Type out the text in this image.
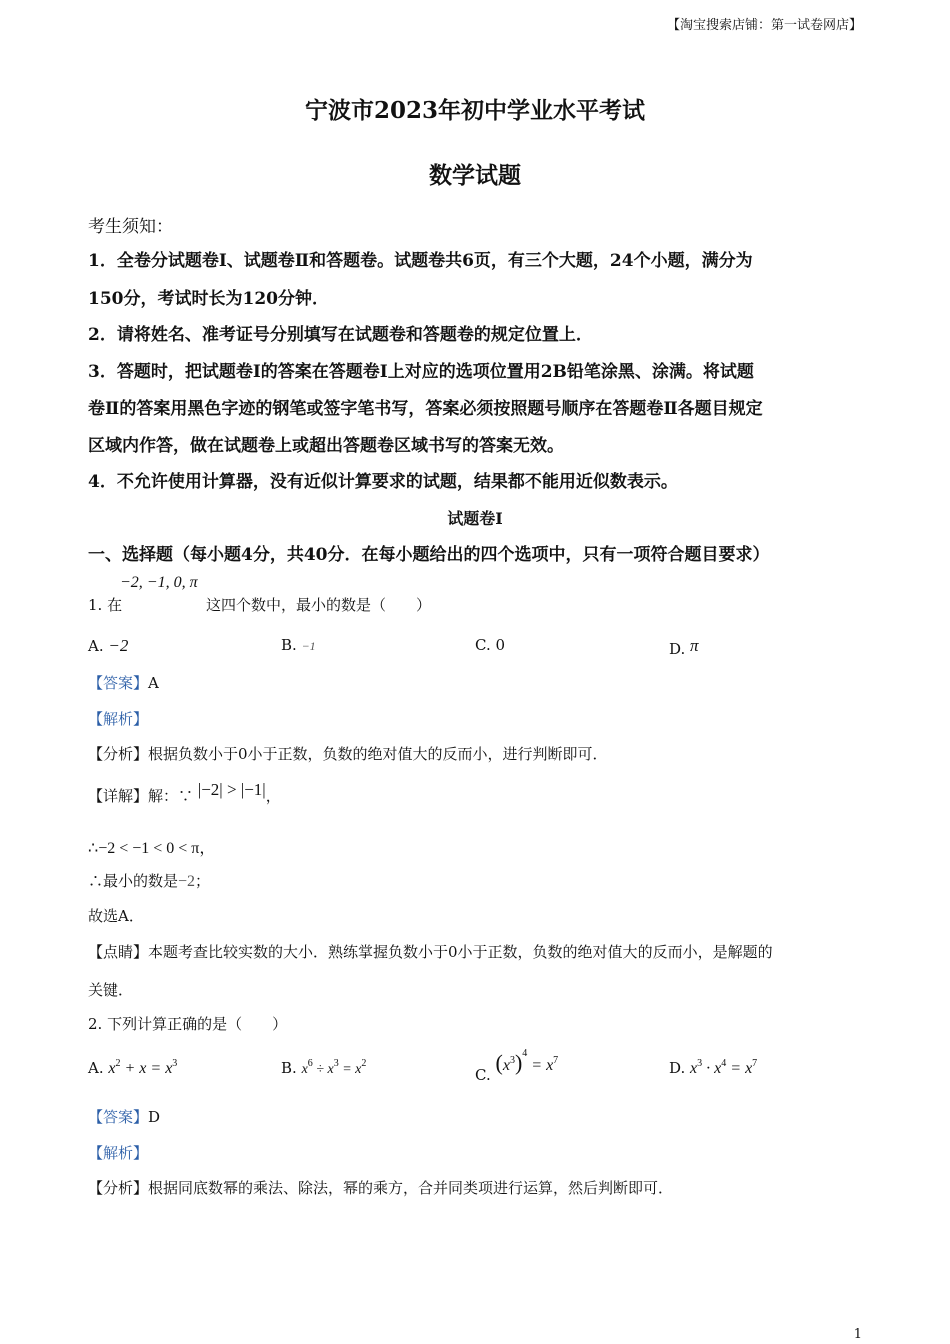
【淘宝搜索店铺：第一试卷网店】
宁波市2023年初中学业水平考试
数学试题
考生须知：
1．全卷分试题卷Ⅰ、试题卷Ⅱ和答题卷。试题卷共6页，有三个大题，24个小题，满分为
150分，考试时长为120分钟．
2．请将姓名、准考证号分别填写在试题卷和答题卷的规定位置上．
3．答题时，把试题卷Ⅰ的答案在答题卷Ⅰ上对应的选项位置用2B铅笔涂黑、涂满。将试题
卷Ⅱ的答案用黑色字迹的钢笔或签字笔书写，答案必须按照题号顺序在答题卷Ⅱ各题目规定
区域内作答，做在试题卷上或超出答题卷区域书写的答案无效。
4．不允许使用计算器，没有近似计算要求的试题，结果都不能用近似数表示。
试题卷Ⅰ
一、选择题（每小题4分，共40分．在每小题给出的四个选项中，只有一项符合题目要求）
−2, −1, 0, π
1. 在	这四个数中，最小的数是（　　）
A. −2	B. −1	C. 0	D. π
【答案】A
【解析】
【分析】根据负数小于0小于正数，负数的绝对值大的反而小，进行判断即可．
【详解】解：∵ |−2| > |−1|，
∴−2 < −1 < 0 < π，
∴最小的数是−2；
故选A．
【点睛】本题考查比较实数的大小．熟练掌握负数小于0小于正数，负数的绝对值大的反而小，是解题的
关键．
2. 下列计算正确的是（　　）
A. $x^2 + x = x^3$	B. $x^6 \div x^3 = x^2$
C. $(x^3)^4 = x^7$	D. $x^3 \cdot x^4 = x^7$
【答案】D
【解析】
【分析】根据同底数幂的乘法、除法，幂的乘方，合并同类项进行运算，然后判断即可．
1
